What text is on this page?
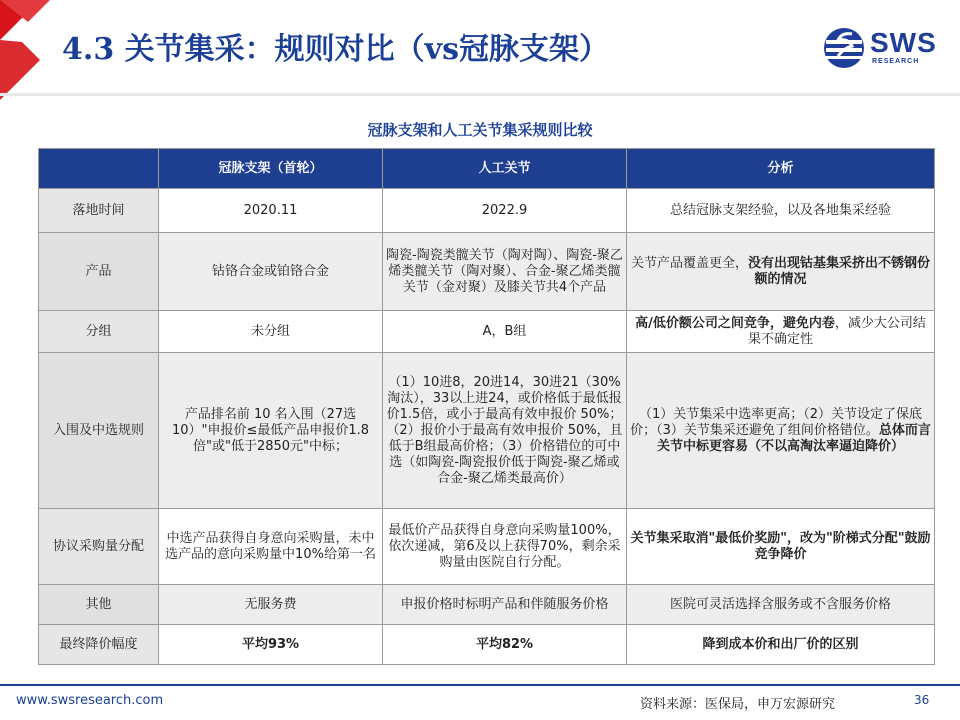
4.3 关节集采：规则对比（vs冠脉支架）	SWS
RESEARCH
冠脉支架和人工关节集采规则比较
	冠脉支架（首轮）	人工关节	分析
落地时间	2020.11	2022.9	总结冠脉支架经验，以及各地集采经验
产品	钴铬合金或铂铬合金	陶瓷-陶瓷类髋关节（陶对陶）、陶瓷-聚乙烯类髋关节（陶对聚）、合金-聚乙烯类髋关节（金对聚）及膝关节共4个产品	关节产品覆盖更全，没有出现钴基集采挤出不锈钢份额的情况
分组	未分组	A，B组	高/低价额公司之间竞争，避免内卷，减少大公司结果不确定性
入围及中选规则	产品排名前 10 名入围（27选10）"申报价≤最低产品申报价1.8倍"或"低于2850元"中标；	（1）10进8，20进14，30进21（30%淘汰），33以上进24，或价格低于最低报价1.5倍，或小于最高有效申报价 50%；（2）报价小于最高有效申报价 50%，且低于B组最高价格；（3）价格错位的可中选（如陶瓷-陶瓷报价低于陶瓷-聚乙烯或合金-聚乙烯类最高价）	（1）关节集采中选率更高；（2）关节设定了保底价；（3）关节集采还避免了组间价格错位。总体而言关节中标更容易（不以高淘汰率逼迫降价）
协议采购量分配	中选产品获得自身意向采购量，未中选产品的意向采购量中10%给第一名	最低价产品获得自身意向采购量100%，依次递减，第6及以上获得70%，剩余采购量由医院自行分配。	关节集采取消"最低价奖励"，改为"阶梯式分配"鼓励竞争降价
其他	无服务费	申报价格时标明产品和伴随服务价格	医院可灵活选择含服务或不含服务价格
最终降价幅度	平均93%	平均82%	降到成本价和出厂价的区别
www.swsresearch.com	资料来源：医保局，申万宏源研究	36
